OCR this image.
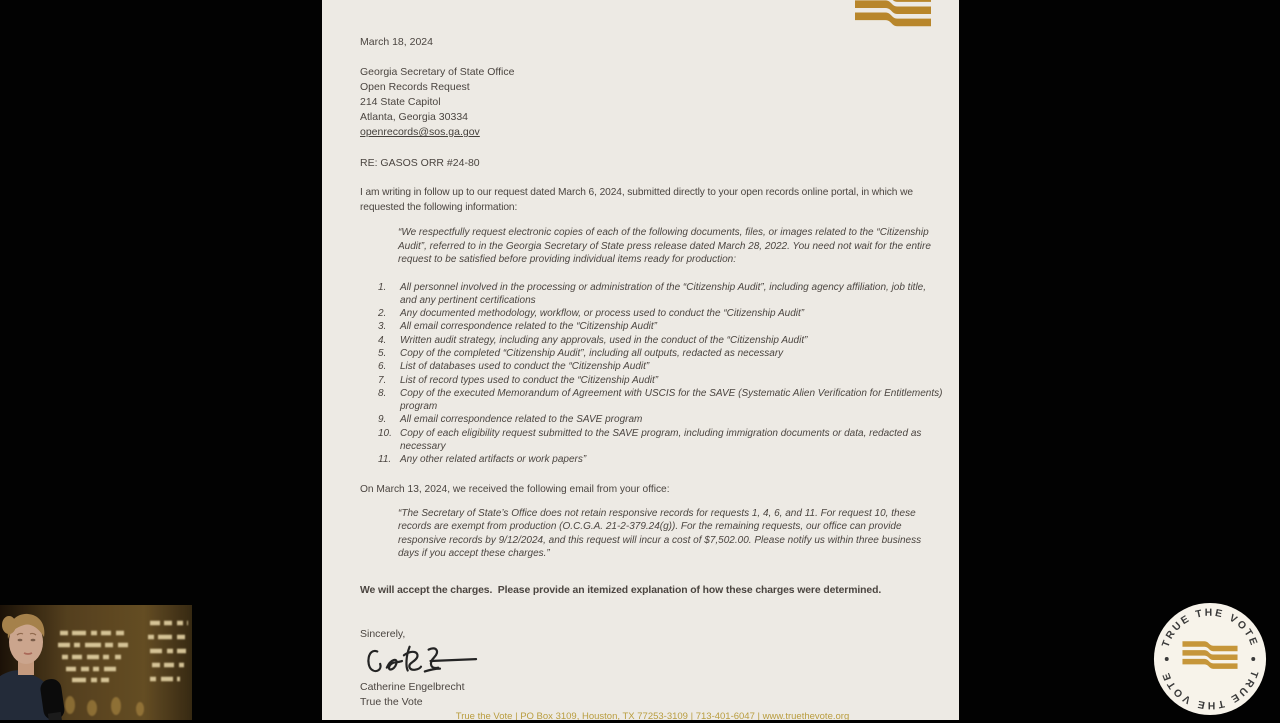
March 18, 2024
Georgia Secretary of State Office
Open Records Request
214 State Capitol
Atlanta, Georgia 30334
openrecords@sos.ga.gov
RE: GASOS ORR #24-80

I am writing in follow up to our request dated March 6, 2024, submitted directly to your open records online portal, in which we requested the following information:

“We respectfully request electronic copies of each of the following documents, files, or images related to the “Citizenship Audit”, referred to in the Georgia Secretary of State press release dated March 28, 2022. You need not wait for the entire request to be satisfied before providing individual items ready for production:

1.	All personnel involved in the processing or administration of the “Citizenship Audit”, including agency affiliation, job title, and any pertinent certifications
2.	Any documented methodology, workflow, or process used to conduct the “Citizenship Audit”
3.	All email correspondence related to the “Citizenship Audit”
4.	Written audit strategy, including any approvals, used in the conduct of the “Citizenship Audit”
5.	Copy of the completed “Citizenship Audit”, including all outputs, redacted as necessary
6.	List of databases used to conduct the “Citizenship Audit”
7.	List of record types used to conduct the “Citizenship Audit”
8.	Copy of the executed Memorandum of Agreement with USCIS for the SAVE (Systematic Alien Verification for Entitlements) program
9.	All email correspondence related to the SAVE program
10. Copy of each eligibility request submitted to the SAVE program, including immigration documents or data, redacted as necessary
11. Any other related artifacts or work papers”

On March 13, 2024, we received the following email from your office:

“The Secretary of State’s Office does not retain responsive records for requests 1, 4, 6, and 11. For request 10, these records are exempt from production (O.C.G.A. 21-2-379.24(g)). For the remaining requests, our office can provide responsive records by 9/12/2024, and this request will incur a cost of $7,502.00. Please notify us within three business days if you accept these charges.”

We will accept the charges.  Please provide an itemized explanation of how these charges were determined.

Sincerely,
Catherine Engelbrecht
True the Vote
True the Vote | PO Box 3109, Houston, TX 77253-3109 | 713-401-6047 | www.truethevote.org
TRUE THE VOTE
TRUE THE VOTE
